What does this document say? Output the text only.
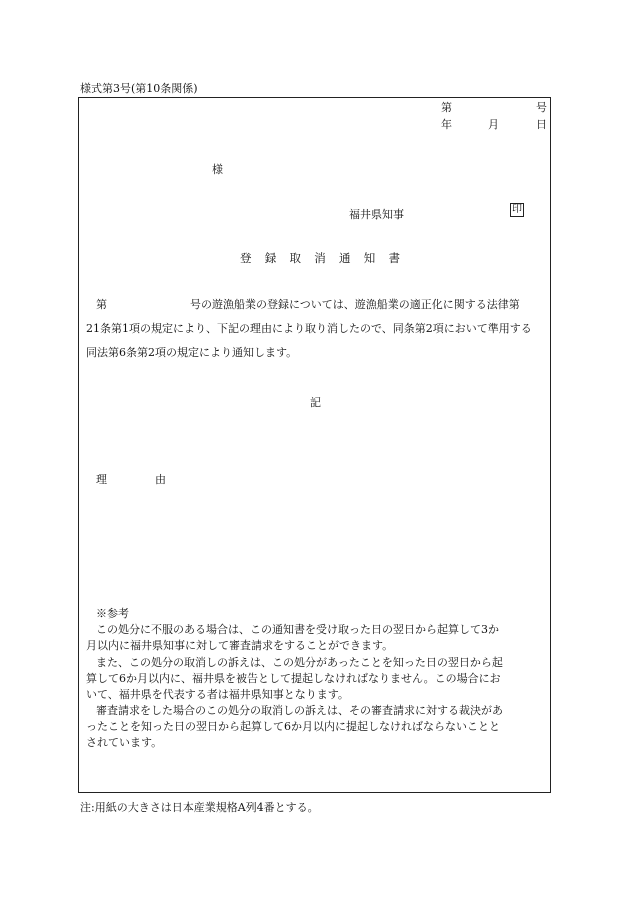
様式第3号(第10条関係)
第	号
年	月	日
様
福井県知事	印
登 録 取 消 通 知 書
第	号の遊漁船業の登録については、遊漁船業の適正化に関する法律第
21条第1項の規定により、下記の理由により取り消したので、同条第2項において準用する
同法第6条第2項の規定により通知します。
記
理	由
※参考
この処分に不服のある場合は、この通知書を受け取った日の翌日から起算して3か
月以内に福井県知事に対して審査請求をすることができます。
また、この処分の取消しの訴えは、この処分があったことを知った日の翌日から起
算して6か月以内に、福井県を被告として提起しなければなりません。この場合にお
いて、福井県を代表する者は福井県知事となります。
審査請求をした場合のこの処分の取消しの訴えは、その審査請求に対する裁決があ
ったことを知った日の翌日から起算して6か月以内に提起しなければならないことと
されています。
注:用紙の大きさは日本産業規格A列4番とする。
